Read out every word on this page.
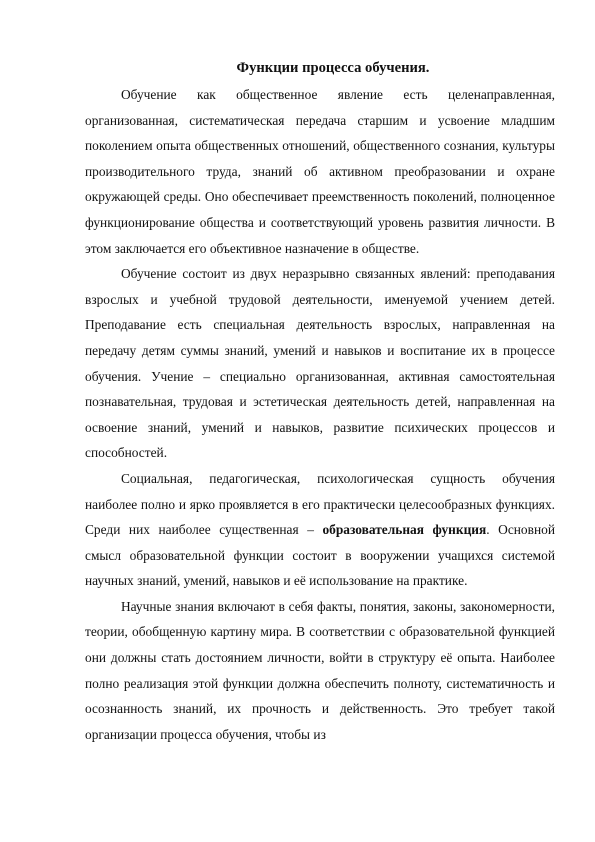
Функции процесса обучения.

Обучение как общественное явление есть целенаправленная, организованная, систематическая передача старшим и усвоение младшим поколением опыта общественных отношений, общественного сознания, культуры производительного труда, знаний об активном преобразовании и охране окружающей среды. Оно обеспечивает преемственность поколений, полноценное функционирование общества и соответствующий уровень развития личности. В этом заключается его объективное назначение в обществе.

Обучение состоит из двух неразрывно связанных явлений: преподавания взрослых и учебной трудовой деятельности, именуемой учением детей. Преподавание есть специальная деятельность взрослых, направленная на передачу детям суммы знаний, умений и навыков и воспитание их в процессе обучения. Учение – специально организованная, активная самостоятельная познавательная, трудовая и эстетическая деятельность детей, направленная на освоение знаний, умений и навыков, развитие психических процессов и способностей.

Социальная, педагогическая, психологическая сущность обучения наиболее полно и ярко проявляется в его практически целесообразных функциях. Среди них наиболее существенная – образовательная функция. Основной смысл образовательной функции состоит в вооружении учащихся системой научных знаний, умений, навыков и её использование на практике.

Научные знания включают в себя факты, понятия, законы, закономерности, теории, обобщенную картину мира. В соответствии с образовательной функцией они должны стать достоянием личности, войти в структуру её опыта. Наиболее полно реализация этой функции должна обеспечить полноту, систематичность и осознанность знаний, их прочность и действенность. Это требует такой организации процесса обучения, чтобы из
